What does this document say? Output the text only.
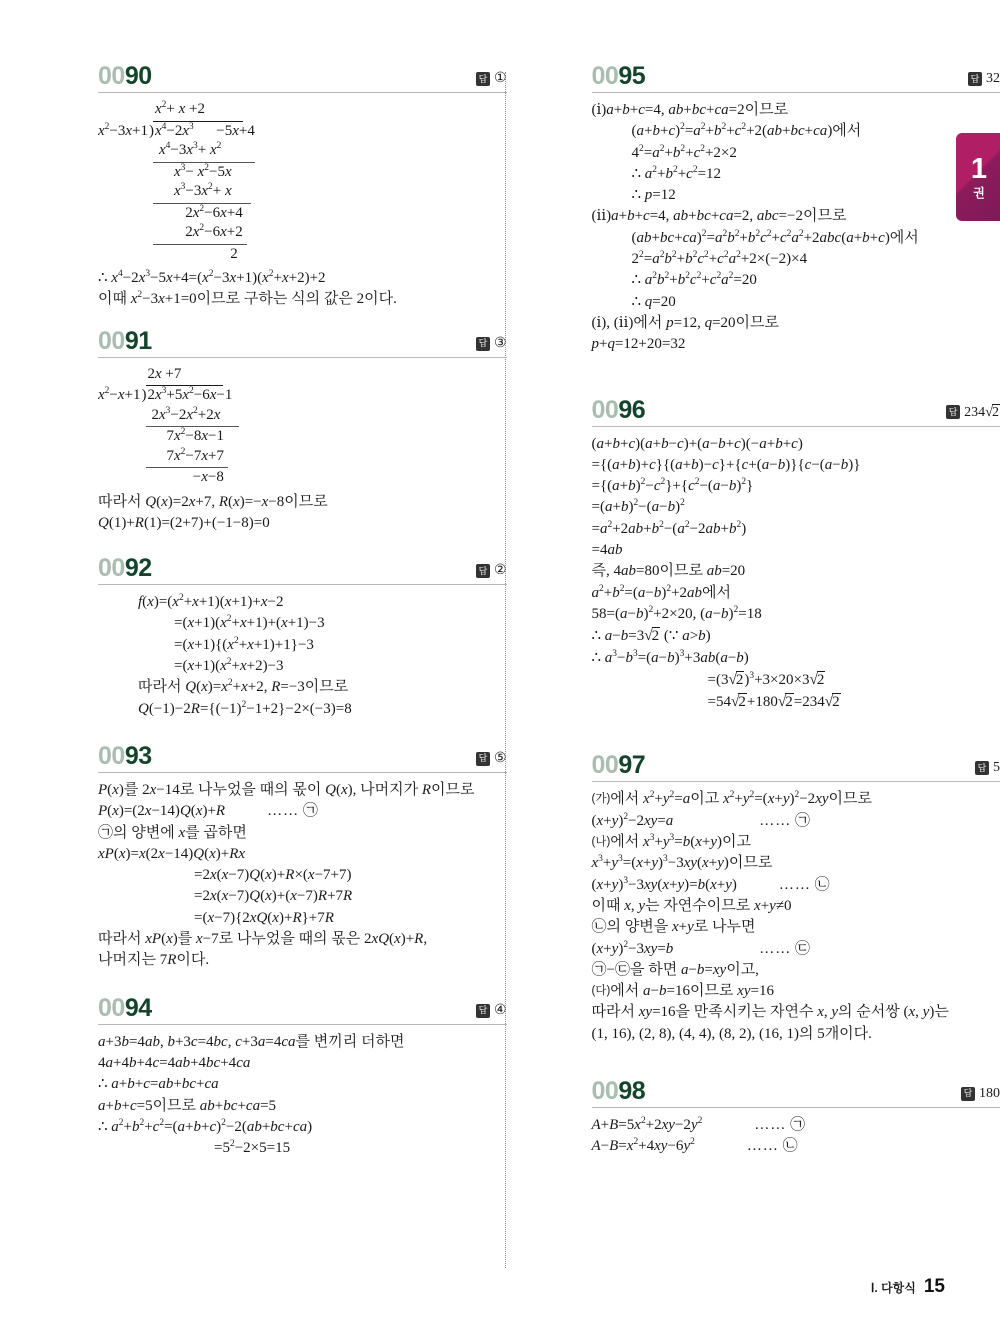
1
권
0090	답 ①
$x^2+ x +2$
$x^2-3x+1$ ) $x^4-2x^3$      −5x+4
$x^4-3x^3+ x^2$
$x^3- x^2-5x$
$x^3-3x^2+ x$
$2x^2-6x+4$
$2x^2-6x+2$
2
∴ $x^4-2x^3-5x+4=(x^2-3x+1)(x^2+x+2)+2$
이때 $x^2-3x+1=0$이므로 구하는 식의 값은 2이다.
0091	답 ③
2x +7
$x^2-x+1$ ) $2x^3+5x^2-6x-1$
$2x^3-2x^2+2x$
$7x^2-8x-1$
$7x^2-7x+7$
−x−8
따라서 Q(x)=2x+7, R(x)=−x−8이므로
Q(1)+R(1)=(2+7)+(−1−8)=0
0092	답 ②
$f(x)=(x^2+x+1)(x+1)+x-2$
$=(x+1)(x^2+x+1)+(x+1)-3$
$=(x+1)\{(x^2+x+1)+1\}-3$
$=(x+1)(x^2+x+2)-3$
따라서 $Q(x)=x^2+x+2$, R=−3이므로
$Q(-1)-2R=\{(-1)^2-1+2\}-2\times(-3)=8$
0093	답 ⑤
P(x)를 2x−14로 나누었을 때의 몫이 Q(x), 나머지가 R이므로
P(x)=(2x−14)Q(x)+R	…… ㉠
㉠의 양변에 x를 곱하면
xP(x)=x(2x−14)Q(x)+Rx
=2x(x−7)Q(x)+R×(x−7+7)
=2x(x−7)Q(x)+(x−7)R+7R
=(x−7){2xQ(x)+R}+7R
따라서 xP(x)를 x−7로 나누었을 때의 몫은 2xQ(x)+R,
나머지는 7R이다.
0094	답 ④
a+3b=4ab, b+3c=4bc, c+3a=4ca를 변끼리 더하면
4a+4b+4c=4ab+4bc+4ca
∴ a+b+c=ab+bc+ca
a+b+c=5이므로 ab+bc+ca=5
∴ $a^2+b^2+c^2=(a+b+c)^2-2(ab+bc+ca)$
$=5^2-2\times 5=15$
0095	답 32
(ⅰ)a+b+c=4, ab+bc+ca=2이므로
$(a+b+c)^2=a^2+b^2+c^2+2(ab+bc+ca)$에서
$4^2=a^2+b^2+c^2+2\times 2$
∴ $a^2+b^2+c^2=12$
∴ p=12
(ⅱ)a+b+c=4, ab+bc+ca=2, abc=−2이므로
$(ab+bc+ca)^2=a^2b^2+b^2c^2+c^2a^2+2abc(a+b+c)$에서
$2^2=a^2b^2+b^2c^2+c^2a^2+2\times(-2)\times 4$
∴ $a^2b^2+b^2c^2+c^2a^2=20$
∴ q=20
(ⅰ), (ⅱ)에서 p=12, q=20이므로
p+q=12+20=32
0096	답 234√2
(a+b+c)(a+b−c)+(a−b+c)(−a+b+c)
={(a+b)+c}{(a+b)−c}+{c+(a−b)}{c−(a−b)}
$=\{(a+b)^2-c^2\}+\{c^2-(a-b)^2\}$
$=(a+b)^2-(a-b)^2$
$=a^2+2ab+b^2-(a^2-2ab+b^2)$
=4ab
즉, 4ab=80이므로 ab=20
$a^2+b^2=(a-b)^2+2ab$에서
$58=(a-b)^2+2\times 20$, $(a-b)^2=18$
∴ a−b=3√2 (∵ a>b)
∴ $a^3-b^3=(a-b)^3+3ab(a-b)$
$=(3√2)^3+3\times 20\times 3√2$
=54√2+180√2=234√2
0097	답 5
(가)에서 $x^2+y^2=a$이고 $x^2+y^2=(x+y)^2-2xy$이므로
$(x+y)^2-2xy=a$	…… ㉠
(나)에서 $x^3+y^3=b(x+y)$이고
$x^3+y^3=(x+y)^3-3xy(x+y)$이므로
$(x+y)^3-3xy(x+y)=b(x+y)$	…… ㉡
이때 x, y는 자연수이므로 x+y≠0
㉡의 양변을 x+y로 나누면
$(x+y)^2-3xy=b$	…… ㉢
㉠−㉢을 하면 a−b=xy이고,
(다)에서 a−b=16이므로 xy=16
따라서 xy=16을 만족시키는 자연수 x, y의 순서쌍 (x, y)는
(1, 16), (2, 8), (4, 4), (8, 2), (16, 1)의 5개이다.
0098	답 180
$A+B=5x^2+2xy-2y^2$	…… ㉠
$A-B=x^2+4xy-6y^2$	…… ㉡
Ⅰ. 다항식 15
